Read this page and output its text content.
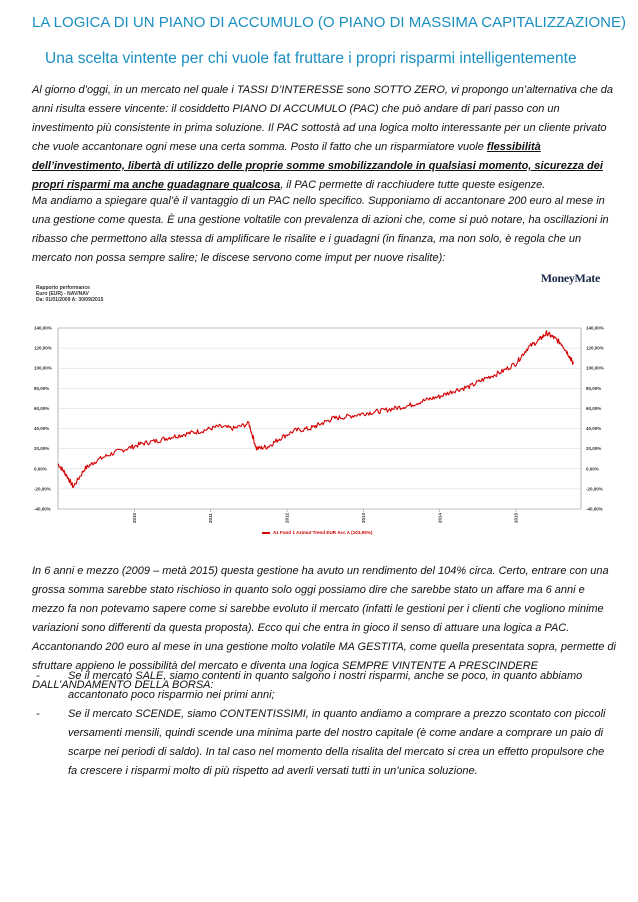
LA LOGICA DI UN PIANO DI ACCUMULO (O PIANO DI MASSIMA CAPITALIZZAZIONE)
Una scelta vintente per chi vuole fat fruttare i propri risparmi intelligentemente
Al giorno d’oggi, in un mercato nel quale i TASSI D’INTERESSE sono SOTTO ZERO, vi propongo un’alternativa che da anni risulta essere vincente: il cosiddetto PIANO DI ACCUMULO (PAC) che può andare di pari passo con un investimento più consistente in prima soluzione. Il PAC sottostà ad una logica molto interessante per un cliente privato che vuole accantonare ogni mese una certa somma. Posto il fatto che un risparmiatore vuole flessibilità dell’investimento, libertà di utilizzo delle proprie somme smobilizzandole in qualsiasi momento, sicurezza dei propri risparmi ma anche guadagnare qualcosa, il PAC permette di racchiudere tutte queste esigenze.
Ma andiamo a spiegare qual’è il vantaggio di un PAC nello specifico. Supponiamo di accantonare 200 euro al mese in una gestione come questa. È una gestione voltatile con prevalenza di azioni che, come si può notare, ha oscillazioni in ribasso che permettono alla stessa di amplificare le risalite e i guadagni (in finanza, ma non solo, è regola che un mercato non possa sempre salire; le discese servono come imput per nuove risalite):
MoneyMate
Rapporto performance
Euro (EUR) - NAV/NAV
Da: 01/01/2009 A: 30/09/2015
140,00%	140,00%
120,00%	120,00%
100,00%	100,00%
80,00%	80,00%
60,00%	60,00%
40,00%	40,00%
20,00%	20,00%
0,00%	0,00%
-20,00%	-20,00%
-40,00%	-40,00%
2010	2011	2012	2013	2014	2015
Az Fund 1 Azimut Trend EUR Acc A (103,95%)
In 6 anni e mezzo (2009 – metà 2015) questa gestione ha avuto un rendimento del 104% circa. Certo, entrare con una grossa somma sarebbe stato rischioso in quanto solo oggi possiamo dire che sarebbe stato un affare ma 6 anni e mezzo fa non potevamo sapere come si sarebbe evoluto il mercato (infatti le gestioni per i clienti che vogliono minime variazioni sono differenti da questa proposta). Ecco qui che entra in gioco il senso di attuare una logica a PAC. Accantonando 200 euro al mese in una gestione molto volatile MA GESTITA, come quella presentata sopra, permette di sfruttare appieno le possibilità del mercato e diventa una logica SEMPRE VINTENTE A PRESCINDERE DALL’ANDAMENTO DELLA BORSA:
-	Se il mercato SALE, siamo contenti in quanto salgono i nostri risparmi, anche se poco, in quanto abbiamo accantonato poco risparmio nei primi anni;
-	Se il mercato SCENDE, siamo CONTENTISSIMI, in quanto andiamo a comprare a prezzo scontato con piccoli versamenti mensili, quindi scende una minima parte del nostro capitale (è come andare a comprare un paio di scarpe nei periodi di saldo). In tal caso nel momento della risalita del mercato si crea un effetto propulsore che fa crescere i risparmi molto di più rispetto ad averli versati tutti in un’unica soluzione.
